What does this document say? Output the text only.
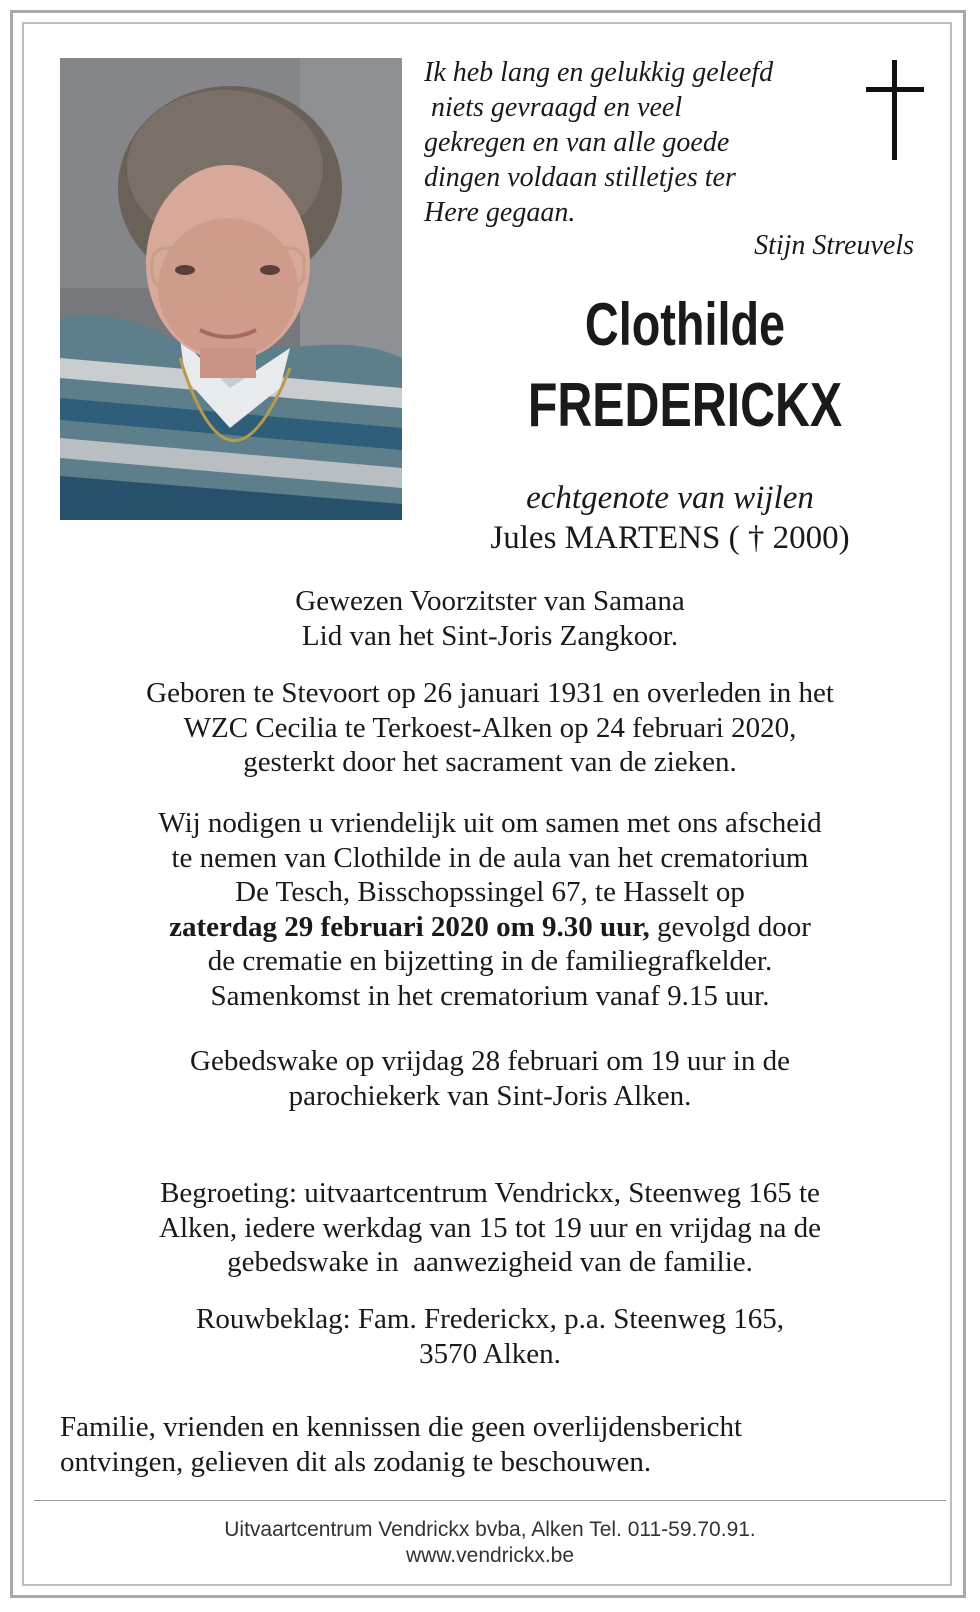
Ik heb lang en gelukkig geleefd
niets gevraagd en veel
gekregen en van alle goede
dingen voldaan stilletjes ter
Here gegaan.
Stijn Streuvels
Clothilde
FREDERICKX
echtgenote van wijlen
Jules MARTENS ( † 2000)
Gewezen Voorzitster van Samana
Lid van het Sint-Joris Zangkoor.
Geboren te Stevoort op 26 januari 1931 en overleden in het
WZC Cecilia te Terkoest-Alken op 24 februari 2020,
gesterkt door het sacrament van de zieken.
Wij nodigen u vriendelijk uit om samen met ons afscheid
te nemen van Clothilde in de aula van het crematorium
De Tesch, Bisschopssingel 67, te Hasselt op
zaterdag 29 februari 2020 om 9.30 uur, gevolgd door
de crematie en bijzetting in de familiegrafkelder.
Samenkomst in het crematorium vanaf 9.15 uur.
Gebedswake op vrijdag 28 februari om 19 uur in de
parochiekerk van Sint-Joris Alken.
Begroeting: uitvaartcentrum Vendrickx, Steenweg 165 te
Alken, iedere werkdag van 15 tot 19 uur en vrijdag na de
gebedswake in  aanwezigheid van de familie.
Rouwbeklag: Fam. Frederickx, p.a. Steenweg 165,
3570 Alken.
Familie, vrienden en kennissen die geen overlijdensbericht
ontvingen, gelieven dit als zodanig te beschouwen.
Uitvaartcentrum Vendrickx bvba, Alken Tel. 011-59.70.91.
www.vendrickx.be
